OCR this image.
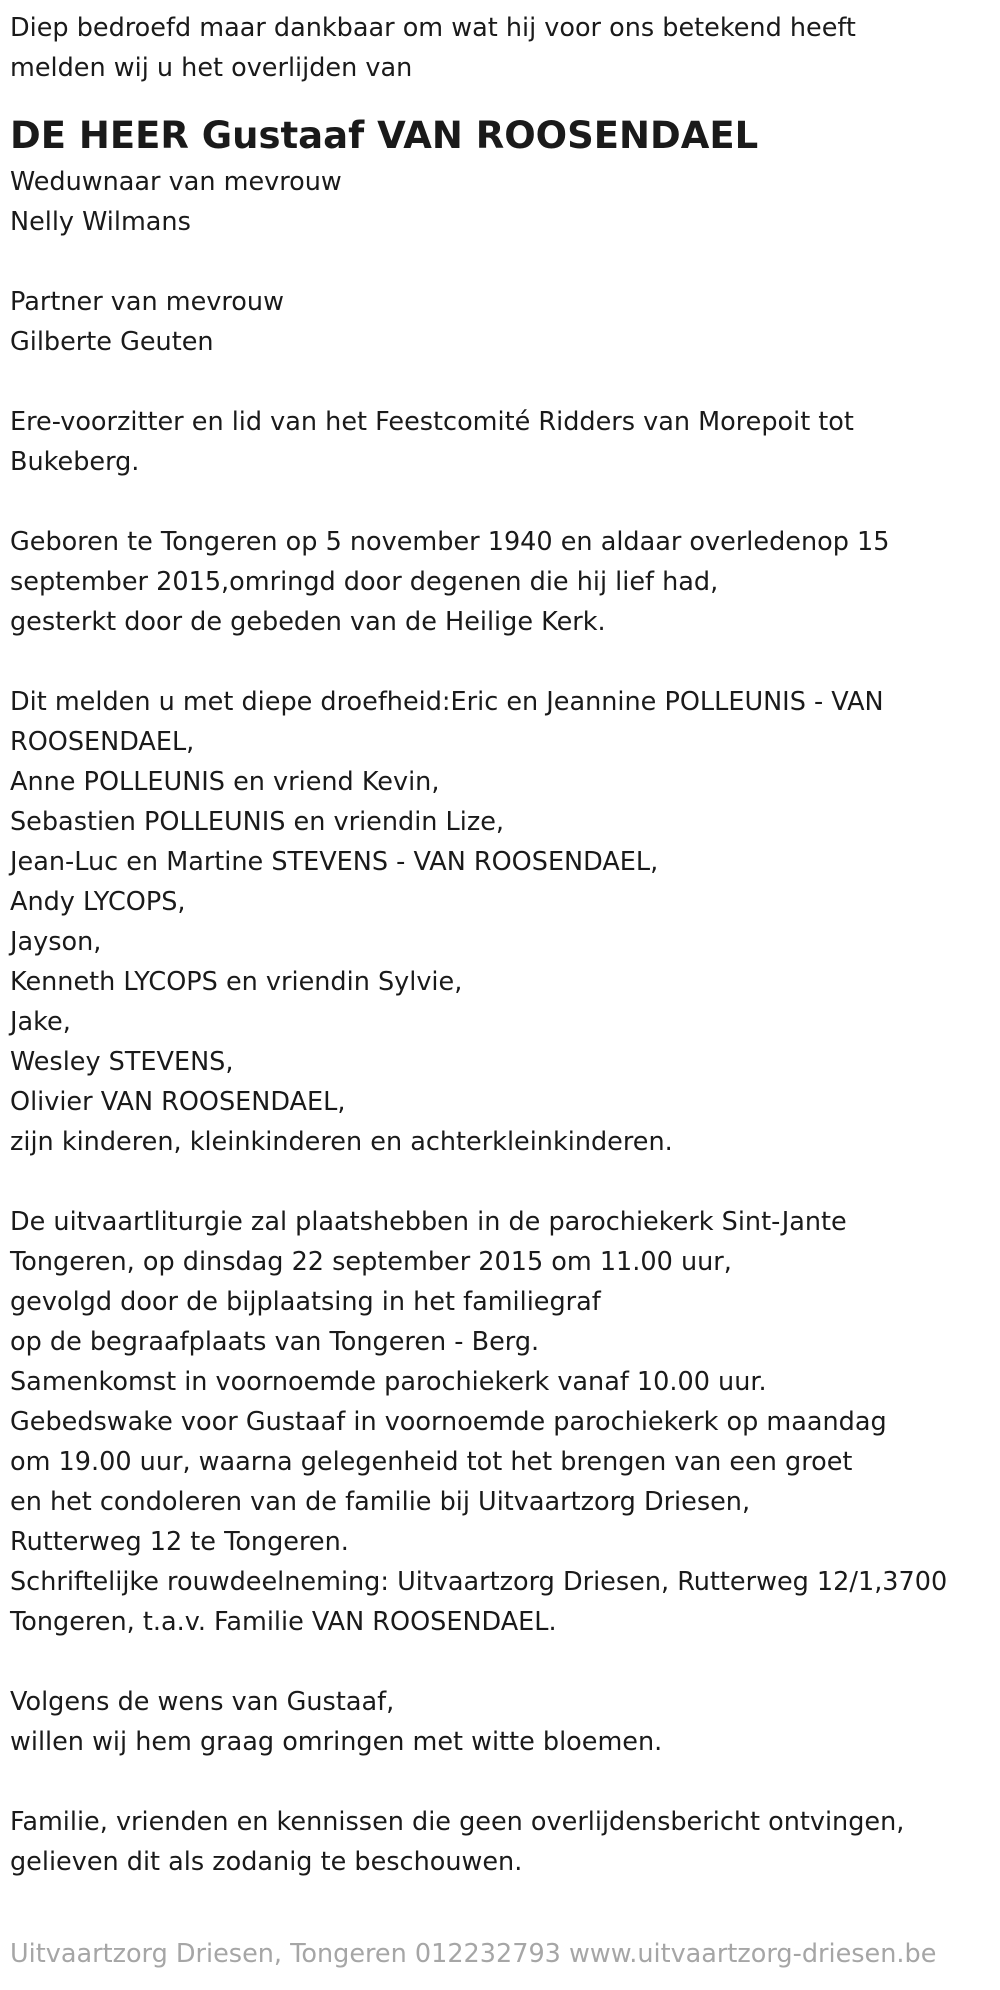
Diep bedroefd maar dankbaar om wat hij voor ons betekend heeft

melden wij u het overlijden van

DE HEER Gustaaf VAN ROOSENDAEL

Weduwnaar van mevrouw

Nelly Wilmans

Partner van mevrouw

Gilberte Geuten

Ere-voorzitter en lid van het Feestcomité Ridders van Morepoit tot

Bukeberg.

Geboren te Tongeren op 5 november 1940 en aldaar overledenop 15

september 2015,omringd door degenen die hij lief had,

gesterkt door de gebeden van de Heilige Kerk.

Dit melden u met diepe droefheid:Eric en Jeannine POLLEUNIS - VAN

ROOSENDAEL,

Anne POLLEUNIS en vriend Kevin,

Sebastien POLLEUNIS en vriendin Lize,

Jean-Luc en Martine STEVENS - VAN ROOSENDAEL,

Andy LYCOPS,

Jayson,

Kenneth LYCOPS en vriendin Sylvie,

Jake,

Wesley STEVENS,

Olivier VAN ROOSENDAEL,

zijn kinderen, kleinkinderen en achterkleinkinderen.

De uitvaartliturgie zal plaatshebben in de parochiekerk Sint-Jante

Tongeren, op dinsdag 22 september 2015 om 11.00 uur,

gevolgd door de bijplaatsing in het familiegraf

op de begraafplaats van Tongeren - Berg.

Samenkomst in voornoemde parochiekerk vanaf 10.00 uur.

Gebedswake voor Gustaaf in voornoemde parochiekerk op maandag

om 19.00 uur, waarna gelegenheid tot het brengen van een groet

en het condoleren van de familie bij Uitvaartzorg Driesen,

Rutterweg 12 te Tongeren.

Schriftelijke rouwdeelneming: Uitvaartzorg Driesen, Rutterweg 12/1,3700

Tongeren, t.a.v. Familie VAN ROOSENDAEL.

Volgens de wens van Gustaaf,

willen wij hem graag omringen met witte bloemen.

Familie, vrienden en kennissen die geen overlijdensbericht ontvingen,

gelieven dit als zodanig te beschouwen.

Uitvaartzorg Driesen, Tongeren 012232793 www.uitvaartzorg-driesen.be
